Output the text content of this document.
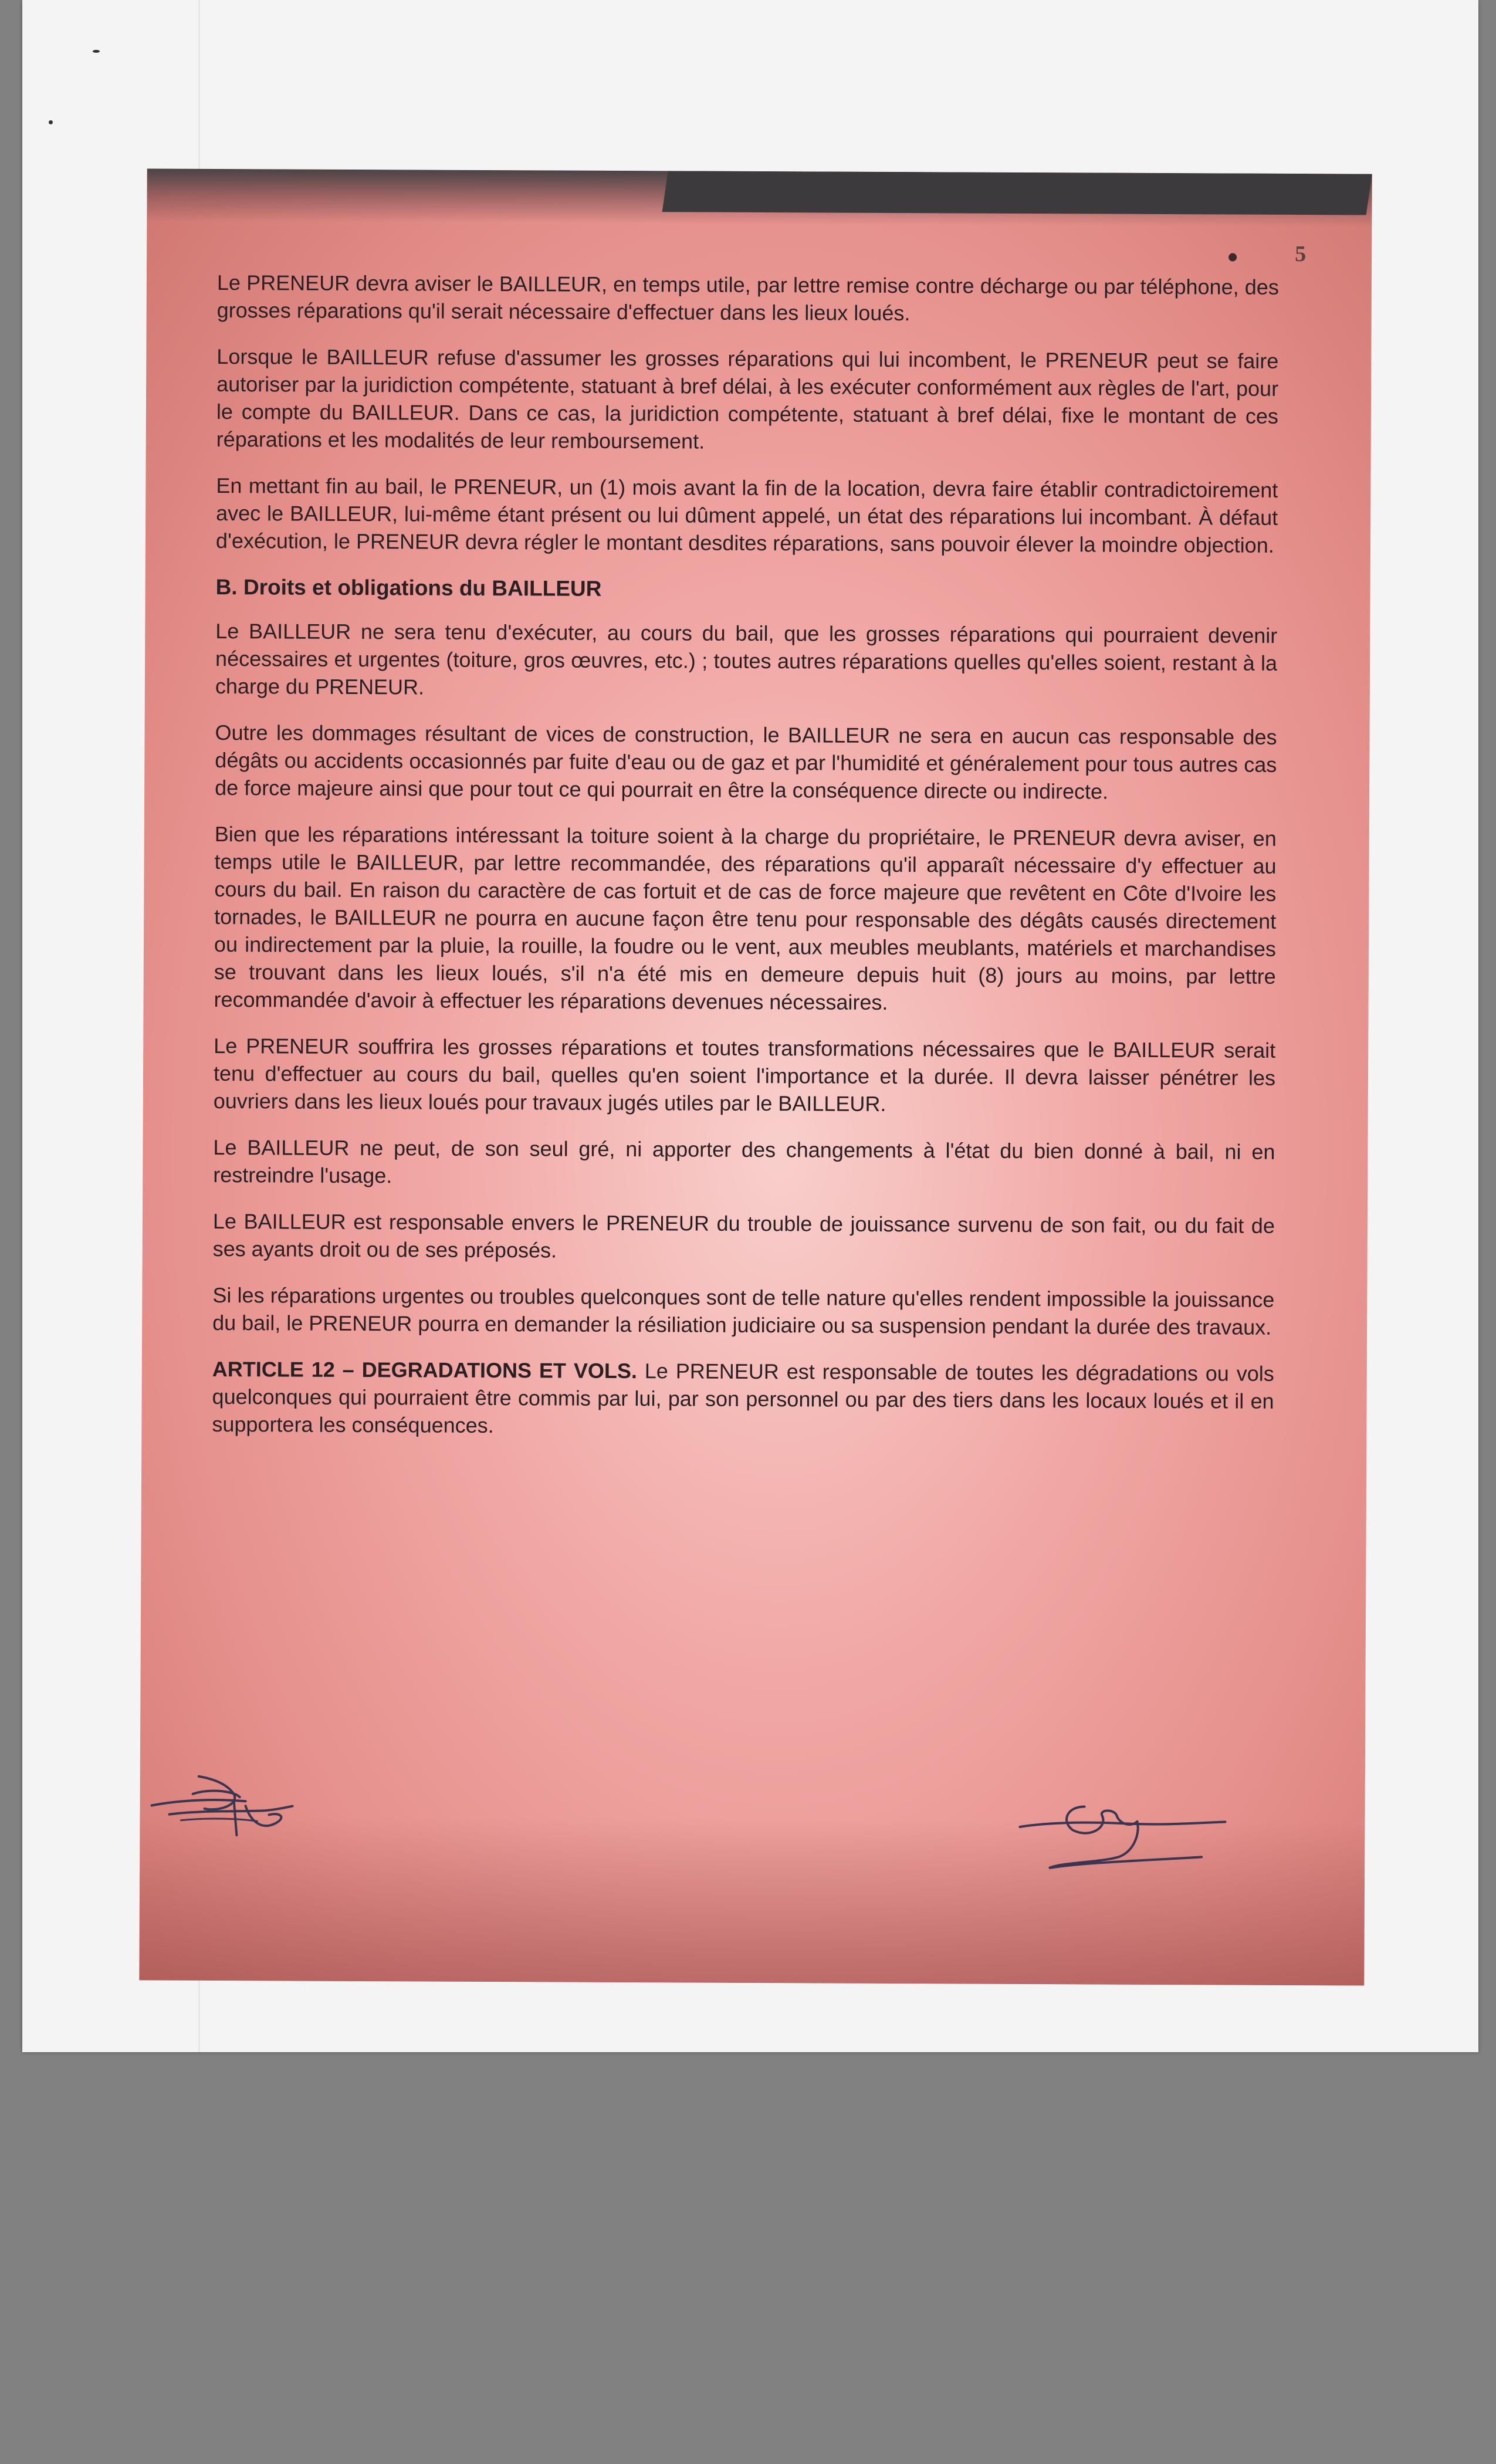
5

Le PRENEUR devra aviser le BAILLEUR, en temps utile, par lettre remise contre décharge ou par téléphone, des grosses réparations qu'il serait nécessaire d'effectuer dans les lieux loués.

Lorsque le BAILLEUR refuse d'assumer les grosses réparations qui lui incombent, le PRENEUR peut se faire autoriser par la juridiction compétente, statuant à bref délai, à les exécuter conformément aux règles de l'art, pour le compte du BAILLEUR. Dans ce cas, la juridiction compétente, statuant à bref délai, fixe le montant de ces réparations et les modalités de leur remboursement.

En mettant fin au bail, le PRENEUR, un (1) mois avant la fin de la location, devra faire établir contradictoirement avec le BAILLEUR, lui-même étant présent ou lui dûment appelé, un état des réparations lui incombant. À défaut d'exécution, le PRENEUR devra régler le montant desdites réparations, sans pouvoir élever la moindre objection.

B. Droits et obligations du BAILLEUR

Le BAILLEUR ne sera tenu d'exécuter, au cours du bail, que les grosses réparations qui pourraient devenir nécessaires et urgentes (toiture, gros œuvres, etc.) ; toutes autres réparations quelles qu'elles soient, restant à la charge du PRENEUR.

Outre les dommages résultant de vices de construction, le BAILLEUR ne sera en aucun cas responsable des dégâts ou accidents occasionnés par fuite d'eau ou de gaz et par l'humidité et généralement pour tous autres cas de force majeure ainsi que pour tout ce qui pourrait en être la conséquence directe ou indirecte.

Bien que les réparations intéressant la toiture soient à la charge du propriétaire, le PRENEUR devra aviser, en temps utile le BAILLEUR, par lettre recommandée, des réparations qu'il apparaît nécessaire d'y effectuer au cours du bail. En raison du caractère de cas fortuit et de cas de force majeure que revêtent en Côte d'Ivoire les tornades, le BAILLEUR ne pourra en aucune façon être tenu pour responsable des dégâts causés directement ou indirectement par la pluie, la rouille, la foudre ou le vent, aux meubles meublants, matériels et marchandises se trouvant dans les lieux loués, s'il n'a été mis en demeure depuis huit (8) jours au moins, par lettre recommandée d'avoir à effectuer les réparations devenues nécessaires.

Le PRENEUR souffrira les grosses réparations et toutes transformations nécessaires que le BAILLEUR serait tenu d'effectuer au cours du bail, quelles qu'en soient l'importance et la durée. Il devra laisser pénétrer les ouvriers dans les lieux loués pour travaux jugés utiles par le BAILLEUR.

Le BAILLEUR ne peut, de son seul gré, ni apporter des changements à l'état du bien donné à bail, ni en restreindre l'usage.

Le BAILLEUR est responsable envers le PRENEUR du trouble de jouissance survenu de son fait, ou du fait de ses ayants droit ou de ses préposés.

Si les réparations urgentes ou troubles quelconques sont de telle nature qu'elles rendent impossible la jouissance du bail, le PRENEUR pourra en demander la résiliation judiciaire ou sa suspension pendant la durée des travaux.

ARTICLE 12 – DEGRADATIONS ET VOLS. Le PRENEUR est responsable de toutes les dégradations ou vols quelconques qui pourraient être commis par lui, par son personnel ou par des tiers dans les locaux loués et il en supportera les conséquences.
